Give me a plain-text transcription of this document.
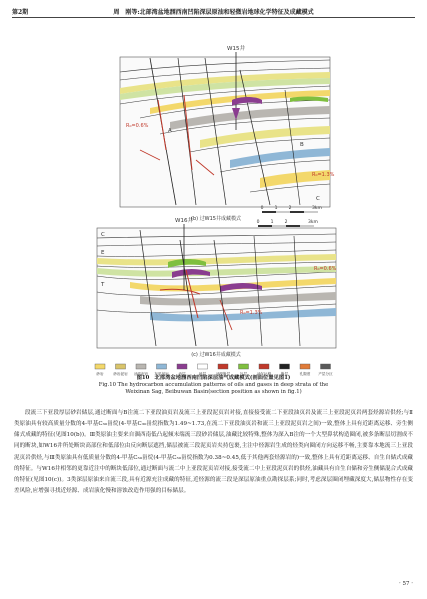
第2期	周　刚等:北部湾盆地涠西南凹陷深层原油和轻微岩地球化学特征及成藏模式
W15井
R₀=0.6%
R₀=1.3%
A
B
C
0 1 2	3km
(b) 过W15井成藏模式
W16井
R₀=0.6%
R₀=1.3%
C
E
T
0 1 2	3km
(c) 过W16井成藏模式
砂岩	砂岩泥岩 油质泥岩 灰质泥岩	油层	地层	油源断层	气层	油气运移	断层	孔隙度 产层分区
图10　北部湾盆地涠西南凹陷深层油气成藏模式(剖面位置见图1)
Fig.10 The hydrocarbon accumulation patterns of oils and gases in deep strata of the
Weixinan Sag, Beibuwan Basin(section position as shown in fig.1)

段流三下亚段厚层砂岩储层,通过断面与B注流二下亚段油页岩及流三上亚段泥页岩对接,直接接受流二下亚段油页岩及流三上亚段泥页岩两套烃源岩供烃;与Ⅱ类原油具有较高质量分数的4-甲基C₃₀甾烷(4-甲基C₃₀甾烷指数为1.49~1.73,在流二下亚段油页岩和流三上亚段泥页岩之间)一致,整体上具有近距离运移、旁生侧储式成藏的特征(见图10(b))。Ⅲ类原油主要来自涠西南低凸起倾末端流三段砂岩储层,油藏比较特殊,整体为深入B注的一个大型鼻状构造圈闭,被多条断层切割成不同的断块,如W16井所处断块高部位和低部位由反向断层遮挡,储层被流三段泥页岩夹持包裹,主注中烃源岩生成的烃类向圈闭方向运移不畅,主要靠本地流三上亚段泥页岩供烃,与Ⅲ类原油具有低质量分数的4-甲基C₃₀甾烷(4-甲基C₃₀甾烷指数为0.38~0.45,低于其他两套烃源岩的)一致,整体上具有近距离运移、自生自储式成藏的特征。与W16井相邻的更靠近注中的断块低部位,通过断面与流二中上亚段泥页岩对接,接受流二中上亚段泥页岩的供烃,油藏具有自生自储和旁生侧储混合式成藏的特征(见图10(c))。3类深层原油来自流三段,具有近源充注成藏的特征,近烃源的流三段是深层原油重点勘探层系;同时,考虑深层圈闭埋藏深度大,储层物性存在变差风险,应增强寻找近烃源、成岩演化慢和溶蚀改造作用强的目标储层。

· 57 ·
